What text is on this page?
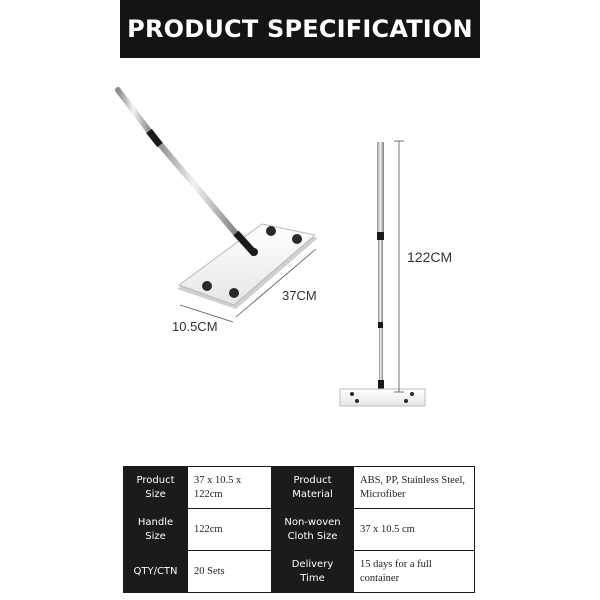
PRODUCT SPECIFICATION
10.5CM
37CM
122CM
Product Size	37 x 10.5 x 122cm	Product Material	ABS, PP, Stainless Steel, Microfiber
Handle Size	122cm	Non-woven Cloth Size	37 x 10.5 cm
QTY/CTN	20 Sets	Delivery Time	15 days for a full container
